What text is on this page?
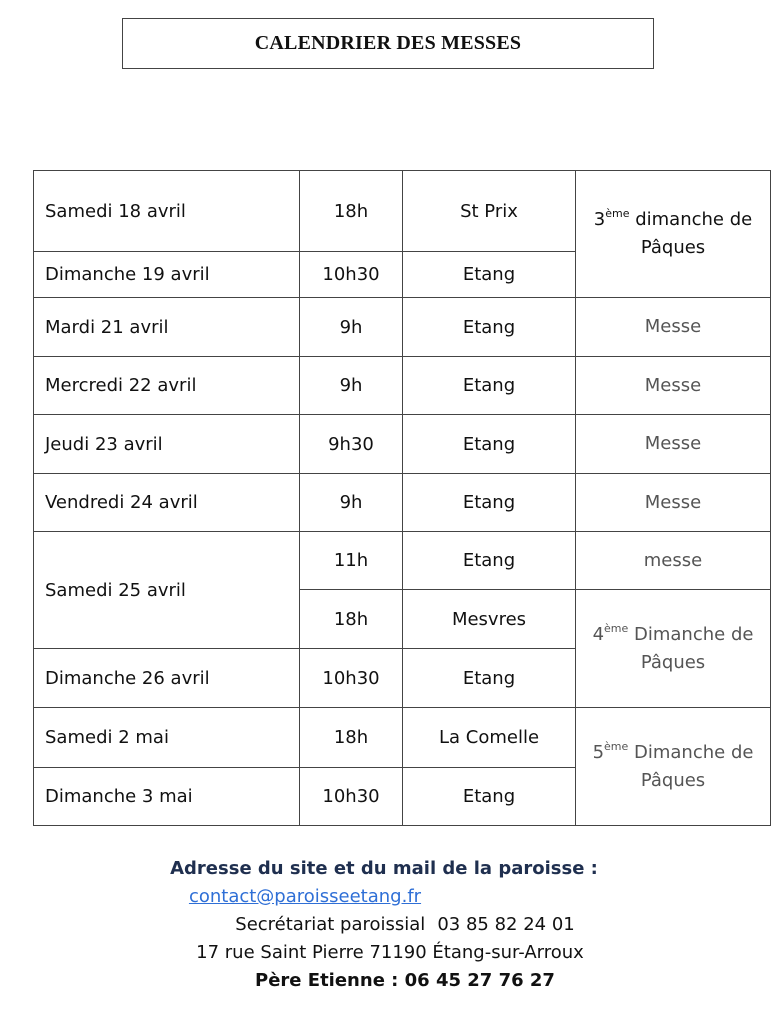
CALENDRIER DES MESSES
Samedi 18 avril	18h	St Prix	3ème dimanche de
Pâques
Dimanche 19 avril	10h30	Etang	
Mardi 21 avril	9h	Etang	Messe
Mercredi 22 avril	9h	Etang	Messe
Jeudi 23 avril	9h30	Etang	Messe
Vendredi 24 avril	9h	Etang	Messe
Samedi 25 avril	11h	Etang	messe
	18h	Mesvres	4ème Dimanche de
Pâques
Dimanche 26 avril	10h30	Etang	
Samedi 2 mai	18h	La Comelle	5ème Dimanche de
Pâques
Dimanche 3 mai	10h30	Etang	
Adresse du site et du mail de la paroisse :
contact@paroisseetang.fr
Secrétariat paroissial 03 85 82 24 01
17 rue Saint Pierre 71190 Étang-sur-Arroux
Père Etienne : 06 45 27 76 27
